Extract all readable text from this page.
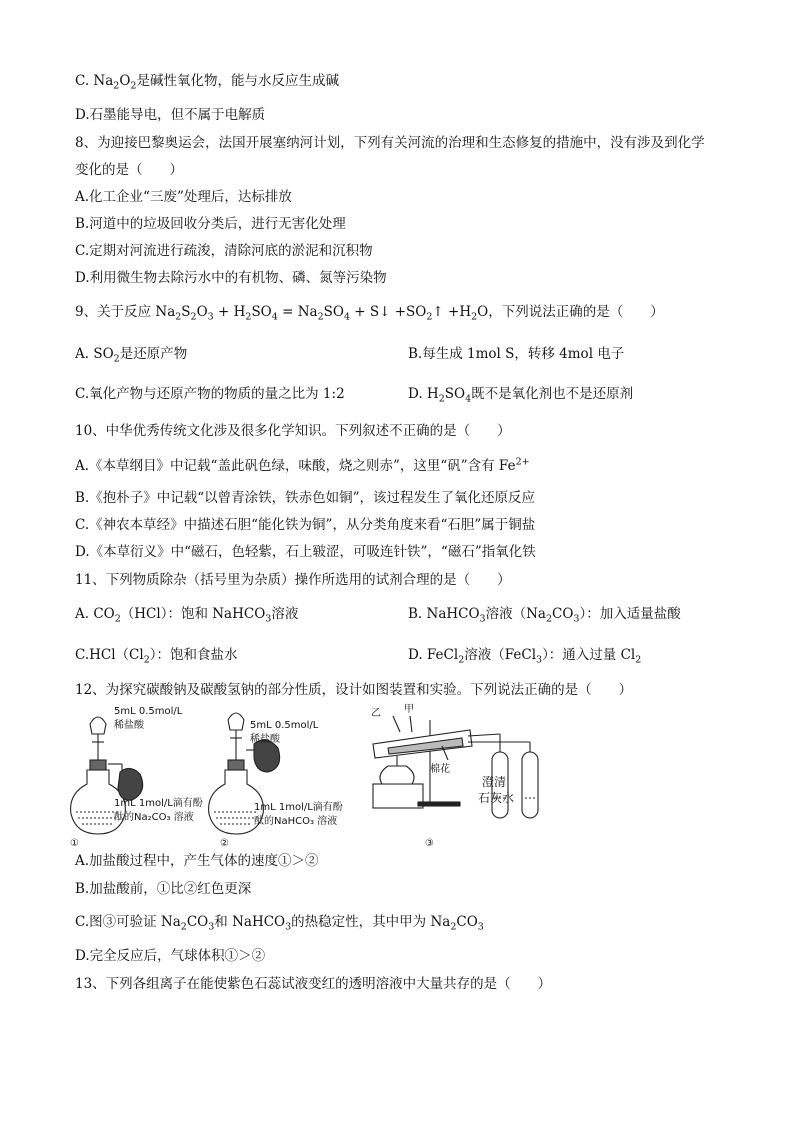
C. $Na_2O_2$是碱性氧化物，能与水反应生成碱
D.石墨能导电，但不属于电解质
8、为迎接巴黎奥运会，法国开展塞纳河计划，下列有关河流的治理和生态修复的措施中，没有涉及到化学
变化的是（　　）
A.化工企业“三废”处理后，达标排放
B.河道中的垃圾回收分类后，进行无害化处理
C.定期对河流进行疏浚，清除河底的淤泥和沉积物
D.利用微生物去除污水中的有机物、磷、氮等污染物
9、关于反应 $Na_2S_2O_3 + H_2SO_4 = Na_2SO_4$ + S↓ $+SO_2↑ +H_2O$，下列说法正确的是（　　）
A. $SO_2$是还原产物	B.每生成 1mol S，转移 4mol 电子
C.氧化产物与还原产物的物质的量之比为 1:2	D. $H_2SO_4$既不是氧化剂也不是还原剂
10、中华优秀传统文化涉及很多化学知识。下列叙述不正确的是（　　）
A.《本草纲目》中记载“盖此矾色绿，味酸，烧之则赤”，这里“矾”含有 $Fe^{2+}$
B.《抱朴子》中记载“以曾青涂铁，铁赤色如铜”，该过程发生了氧化还原反应
C.《神农本草经》中描述石胆“能化铁为铜”，从分类角度来看“石胆”属于铜盐
D.《本草衍义》中“磁石，色轻紫，石上皲涩，可吸连针铁”，“磁石”指氧化铁
11、下列物质除杂（括号里为杂质）操作所选用的试剂合理的是（　　）
A. $CO_2(HCl)$：饱和 NaHCO$_3$溶液	B. NaHCO$_3$溶液$(Na_2CO_3)$：加入适量盐酸
$C.HCl(Cl_2)$：饱和食盐水	D. FeCl$_2$溶液（FeCl$_3$）：通入过量 $Cl_2$
12、为探究碳酸钠及碳酸氢钠的部分性质，设计如图装置和实验。下列说法正确的是（　　）
5mL 0.5mol/L
稀盐酸
1mL 1mol/L滴有酚
酞的Na₂CO₃ 溶液
①
5mL 0.5mol/L
稀盐酸
1mL 1mol/L滴有酚
酞的NaHCO₃ 溶液
②
乙 甲
棉花
澄清
石灰水
③
A.加盐酸过程中，产生气体的速度①＞②
B.加盐酸前，①比②红色更深
C.图③可验证 $Na_2CO_3$和 NaHCO$_3$的热稳定性，其中甲为 $Na_2CO_3$
D.完全反应后，气球体积①＞②
13、下列各组离子在能使紫色石蕊试液变红的透明溶液中大量共存的是（　　）
